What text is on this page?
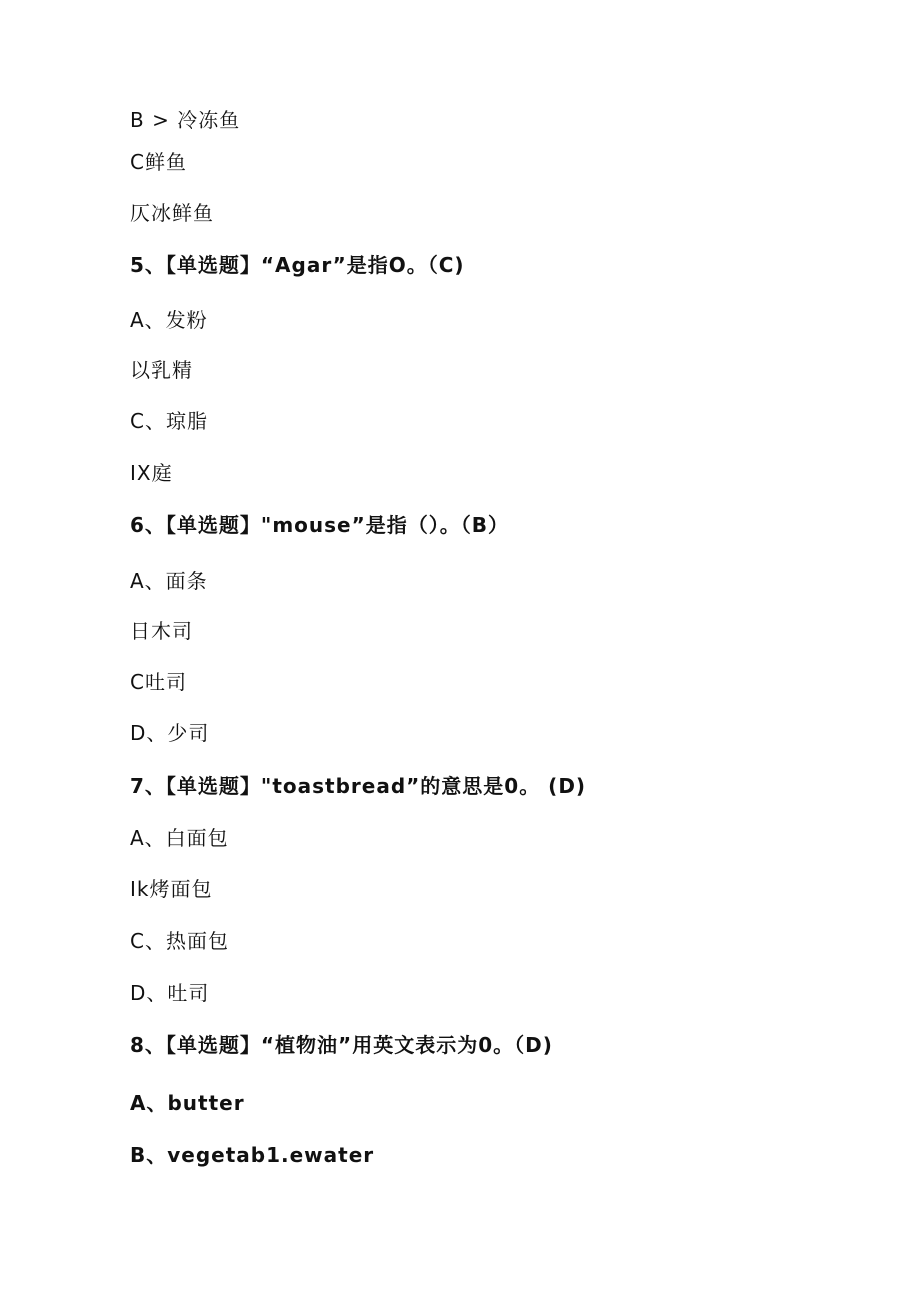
B > 冷冻鱼
C鲜鱼
仄冰鲜鱼
5、【单选题】“Agar”是指O。（C)
A、发粉
以乳精
C、琼脂
IX庭
6、【单选题】"mouse”是指（）。（B）
A、面条
日木司
C吐司
D、少司
7、【单选题】"toastbread”的意思是0。 (D)
A、白面包
Ik烤面包
C、热面包
D、吐司
8、【单选题】“植物油”用英文表示为0。（D)
A、butter
B、vegetab1.ewater
